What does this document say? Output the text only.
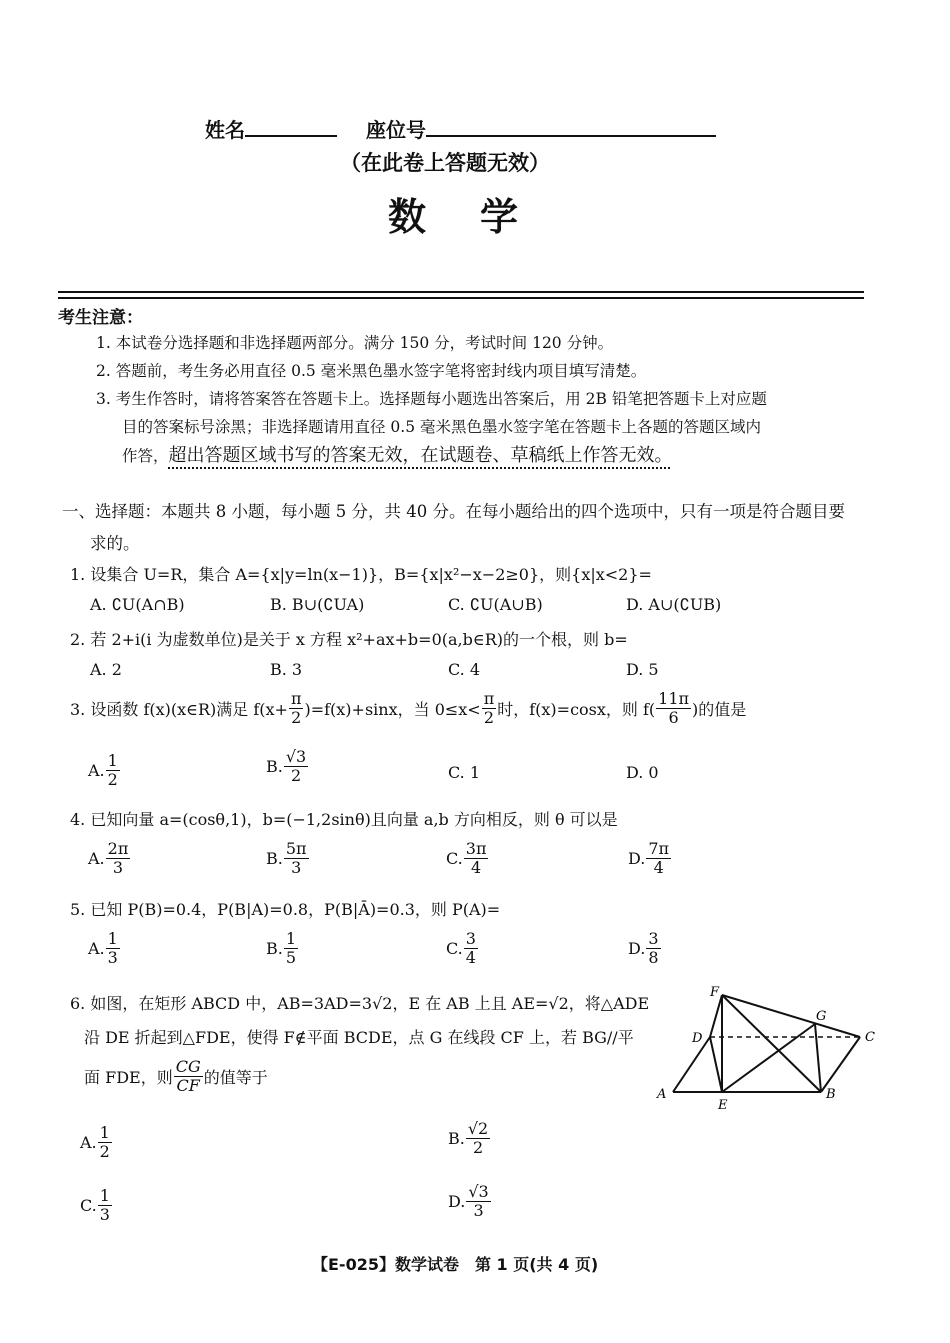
姓名	座位号
（在此卷上答题无效）
数　学
考生注意：
1. 本试卷分选择题和非选择题两部分。满分 150 分，考试时间 120 分钟。
2. 答题前，考生务必用直径 0.5 毫米黑色墨水签字笔将密封线内项目填写清楚。
3. 考生作答时，请将答案答在答题卡上。选择题每小题选出答案后，用 2B 铅笔把答题卡上对应题
目的答案标号涂黑；非选择题请用直径 0.5 毫米黑色墨水签字笔在答题卡上各题的答题区域内
作答，超出答题区域书写的答案无效，在试题卷、草稿纸上作答无效。
一、选择题：本题共 8 小题，每小题 5 分，共 40 分。在每小题给出的四个选项中，只有一项是符合题目要
求的。
1. 设集合 U=R，集合 A={x|y=ln(x−1)}，B={x|x²−x−2≥0}，则{x|x<2}=
A. ∁U(A∩B)	B. B∪(∁UA)	C. ∁U(A∪B)	D. A∪(∁UB)
2. 若 2+i(i 为虚数单位)是关于 x 方程 x²+ax+b=0(a,b∈R)的一个根，则 b=
A. 2	B. 3	C. 4	D. 5
3. 设函数 f(x)(x∈R)满足 $f(x+ \frac{\pi}{2} )=f(x)+\sin x$，当 $0\le x< \frac{\pi}{2}$ 时，f(x)=cosx，则 $f( \frac{11\pi}{6}$ )的值是
A. $\frac{1}{2}$	B. $\frac{√3}{2}$	C. 1	D. 0
4. 已知向量 a=(cosθ,1)，b=(−1,2sinθ)且向量 a,b 方向相反，则 θ 可以是
A. $\frac{2\pi}{3}$	B. $\frac{5\pi}{3}$	C. $\frac{3\pi}{4}$	D. $\frac{7\pi}{4}$
5. 已知 P(B)=0.4，P(B|A)=0.8，P(B|Ā)=0.3，则 P(A)=
A. $\frac{1}{3}$	B. $\frac{1}{5}$	C. $\frac{3}{4}$	D. $\frac{3}{8}$
6. 如图，在矩形 ABCD 中，AB=3AD=3√2，E 在 AB 上且 AE=√2，将△ADE
沿 DE 折起到△FDE，使得 F∉平面 BCDE，点 G 在线段 CF 上，若 BG//平
面 FDE，则 $\frac{CG}{CF}$ 的值等于
A. $\frac{1}{2}$	B. $\frac{√2}{2}$
C. $\frac{1}{3}$	D. $\frac{√3}{3}$
F
G
D	C
A
E
B
【E-025】数学试卷　第 1 页(共 4 页)
